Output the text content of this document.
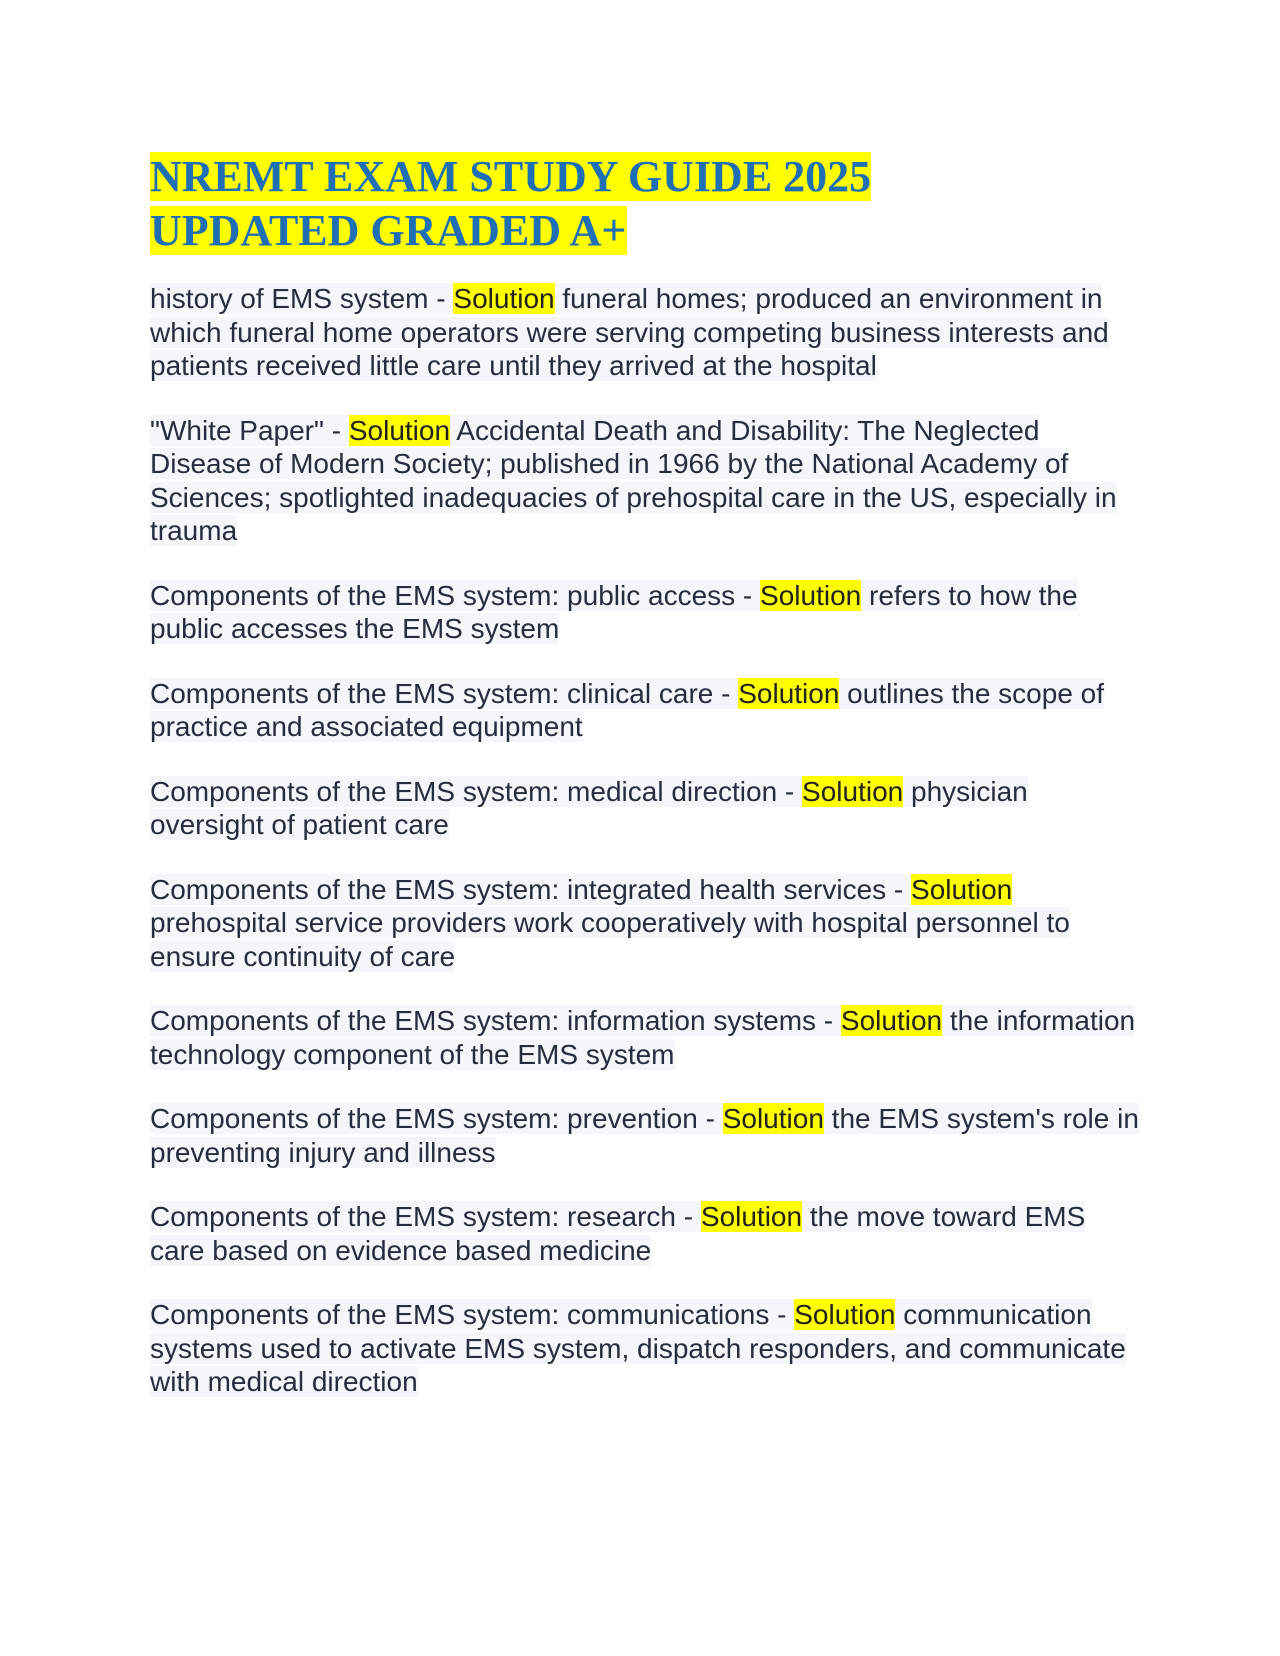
NREMT EXAM STUDY GUIDE 2025
UPDATED GRADED A+

history of EMS system - Solution funeral homes; produced an environment in which funeral home operators were serving competing business interests and patients received little care until they arrived at the hospital

"White Paper" - Solution Accidental Death and Disability: The Neglected Disease of Modern Society; published in 1966 by the National Academy of Sciences; spotlighted inadequacies of prehospital care in the US, especially in trauma

Components of the EMS system: public access - Solution refers to how the public accesses the EMS system

Components of the EMS system: clinical care - Solution outlines the scope of practice and associated equipment

Components of the EMS system: medical direction - Solution physician oversight of patient care

Components of the EMS system: integrated health services - Solution prehospital service providers work cooperatively with hospital personnel to ensure continuity of care

Components of the EMS system: information systems - Solution the information technology component of the EMS system

Components of the EMS system: prevention - Solution the EMS system's role in preventing injury and illness

Components of the EMS system: research - Solution the move toward EMS care based on evidence based medicine

Components of the EMS system: communications - Solution communication systems used to activate EMS system, dispatch responders, and communicate with medical direction
